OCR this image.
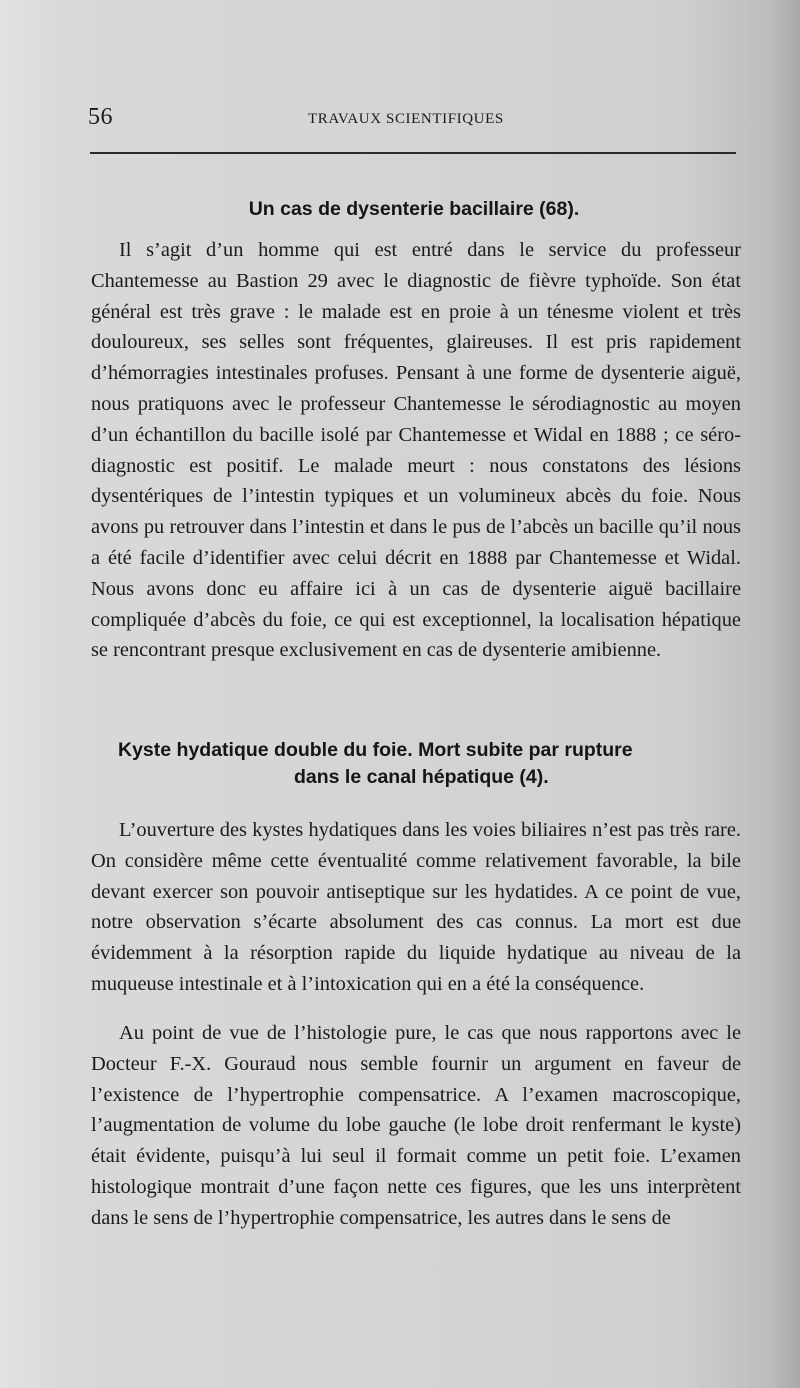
56	TRAVAUX SCIENTIFIQUES
Un cas de dysenterie bacillaire (68).

Il s’agit d’un homme qui est entré dans le service du professeur Chantemesse au Bastion 29 avec le diagnostic de fièvre typhoïde. Son état général est très grave : le malade est en proie à un ténesme violent et très douloureux, ses selles sont fréquentes, glaireuses. Il est pris rapidement d’hémorragies intestinales profuses. Pensant à une forme de dysenterie aiguë, nous pratiquons avec le professeur Chantemesse le sérodiagnostic au moyen d’un échantillon du bacille isolé par Chantemesse et Widal en 1888 ; ce séro-diagnostic est positif. Le malade meurt : nous constatons des lésions dysentériques de l’intestin typiques et un volumineux abcès du foie. Nous avons pu retrouver dans l’intestin et dans le pus de l’abcès un bacille qu’il nous a été facile d’identifier avec celui décrit en 1888 par Chantemesse et Widal. Nous avons donc eu affaire ici à un cas de dysenterie aiguë bacillaire compliquée d’abcès du foie, ce qui est exceptionnel, la localisation hépatique se rencontrant presque exclusivement en cas de dysenterie amibienne.

Kyste hydatique double du foie. Mort subite par rupture
dans le canal hépatique (4).

L’ouverture des kystes hydatiques dans les voies biliaires n’est pas très rare. On considère même cette éventualité comme relativement favorable, la bile devant exercer son pouvoir antiseptique sur les hydatides. A ce point de vue, notre observation s’écarte absolument des cas connus. La mort est due évidemment à la résorption rapide du liquide hydatique au niveau de la muqueuse intestinale et à l’intoxication qui en a été la conséquence.

Au point de vue de l’histologie pure, le cas que nous rapportons avec le Docteur F.-X. Gouraud nous semble fournir un argument en faveur de l’existence de l’hypertrophie compensatrice. A l’examen macroscopique, l’augmentation de volume du lobe gauche (le lobe droit renfermant le kyste) était évidente, puisqu’à lui seul il formait comme un petit foie. L’examen histologique montrait d’une façon nette ces figures, que les uns interprètent dans le sens de l’hypertrophie compensatrice, les autres dans le sens de
